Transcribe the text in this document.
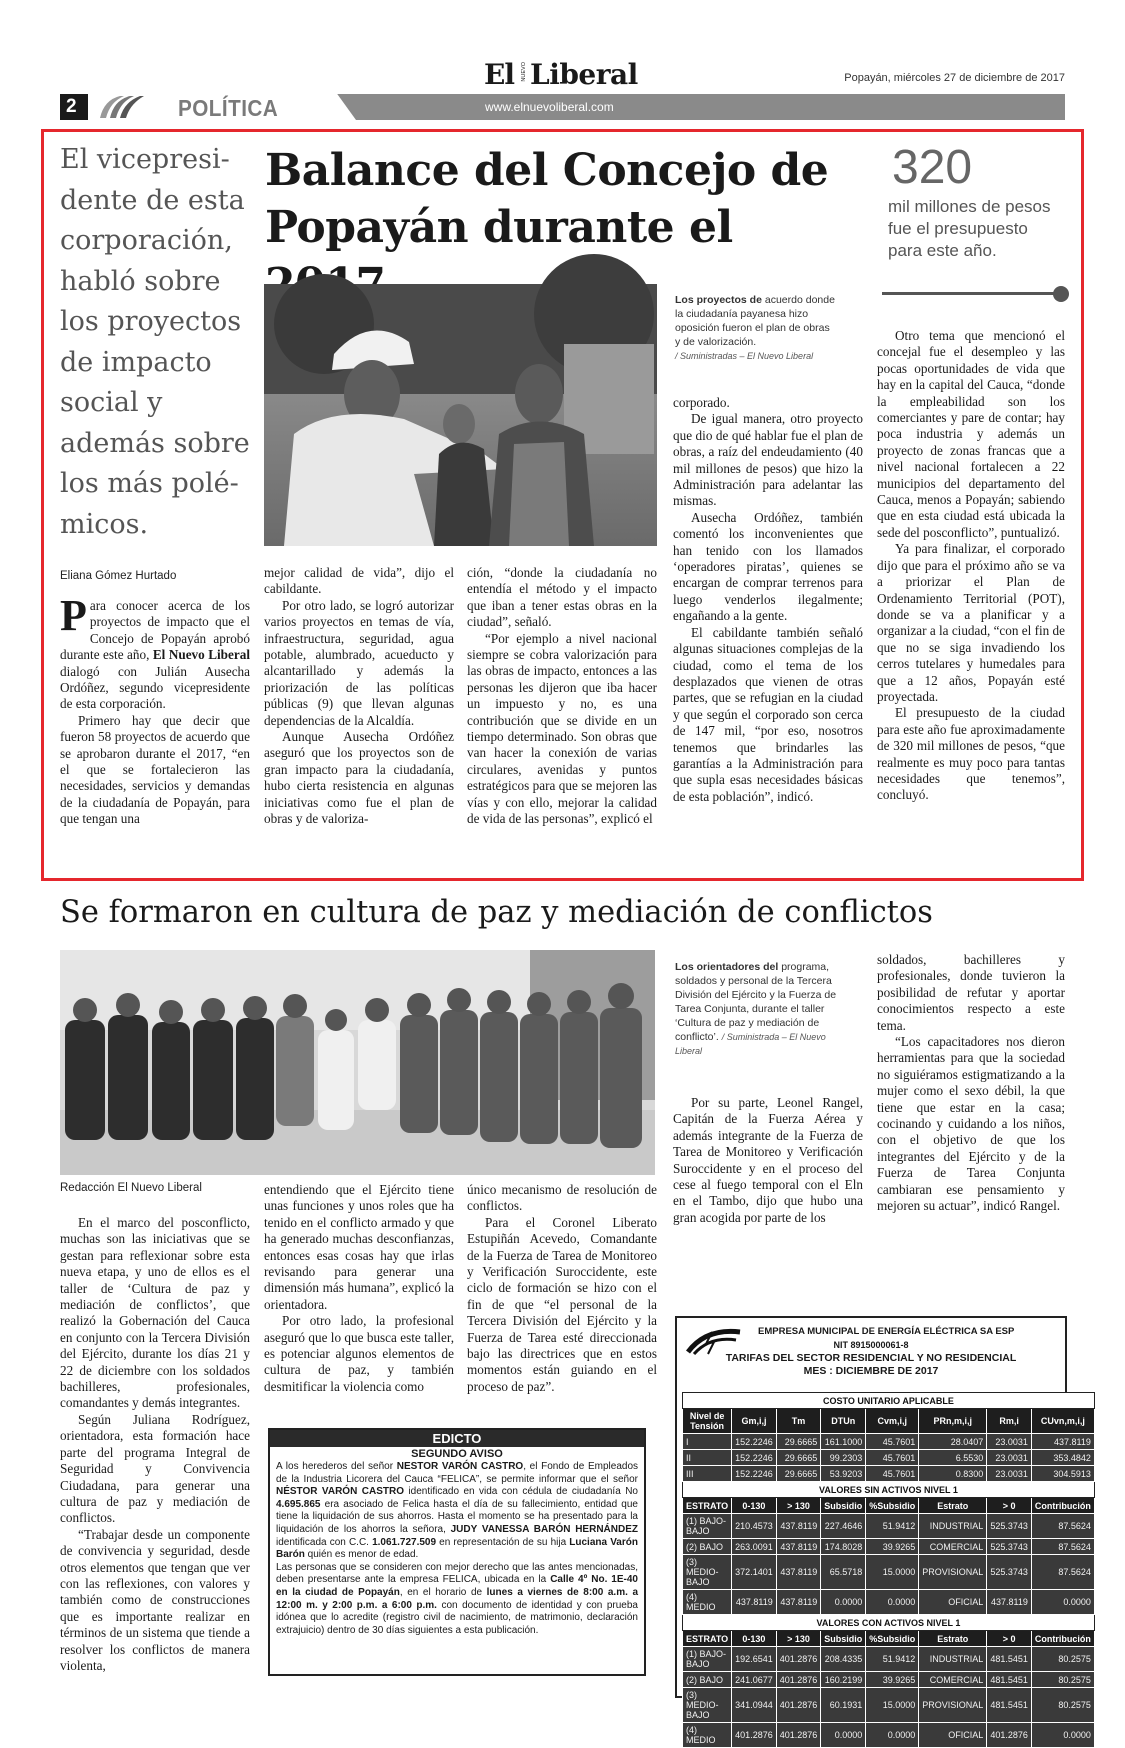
El NUEVO Liberal	Popayán, miércoles 27 de diciembre de 2017
2	POLÍTICA	www.elnuevoliberal.com
El vicepresi-dente de esta corporación, habló sobre los proyectos de impacto social y además sobre los más polé-micos.
Balance del Concejo de Popayán durante el
320
mil millones de pesos fue el presupuesto para este año.
Los proyectos de acuerdo donde la ciudadanía payanesa hizo oposición fueron el plan de obras y de valorización.
/ Suministradas – El Nuevo Liberal
Eliana Gómez Hurtado

Para conocer acerca de los proyectos de impacto que el Concejo de Popayán aprobó durante este año, El Nuevo Liberal dialogó con Julián Ausecha Ordóñez, segundo vicepresidente de esta corporación.

Primero hay que decir que fueron 58 proyectos de acuerdo que se aprobaron durante el 2017, “en el que se fortalecieron las necesidades, servicios y demandas de la ciudadanía de Popayán, para que tengan una

mejor calidad de vida”, dijo el cabildante.

Por otro lado, se logró autorizar varios proyectos en temas de vía, infraestructura, seguridad, agua potable, alumbrado, acueducto y alcantarillado y además la priorización de las políticas públicas (9) que llevan algunas dependencias de la Alcaldía.

Aunque Ausecha Ordóñez aseguró que los proyectos son de gran impacto para la ciudadanía, hubo cierta resistencia en algunas iniciativas como fue el plan de obras y de valoriza-

ción, “donde la ciudadanía no entendía el método y el impacto que iban a tener estas obras en la ciudad”, señaló.

“Por ejemplo a nivel nacional siempre se cobra valorización para las obras de impacto, entonces a las personas les dijeron que iba hacer un impuesto y no, es una contribución que se divide en un tiempo determinado. Son obras que van hacer la conexión de varias circulares, avenidas y puntos estratégicos para que se mejoren las vías y con ello, mejorar la calidad de vida de las personas”, explicó el

corporado.

De igual manera, otro proyecto que dio de qué hablar fue el plan de obras, a raíz del endeudamiento (40 mil millones de pesos) que hizo la Administración para adelantar las mismas.

Ausecha Ordóñez, también comentó los inconvenientes que han tenido con los llamados ‘operadores piratas’, quienes se encargan de comprar terrenos para luego venderlos ilegalmente; engañando a la gente.

El cabildante también señaló algunas situaciones complejas de la ciudad, como el tema de los desplazados que vienen de otras partes, que se refugian en la ciudad y que según el corporado son cerca de 147 mil, “por eso, nosotros tenemos que brindarles las garantías a la Administración para que supla esas necesidades básicas de esta población”, indicó.

Otro tema que mencionó el concejal fue el desempleo y las pocas oportunidades de vida que hay en la capital del Cauca, “donde la empleabilidad son los comerciantes y pare de contar; hay poca industria y además un proyecto de zonas francas que a nivel nacional fortalecen a 22 municipios del departamento del Cauca, menos a Popayán; sabiendo que en esta ciudad está ubicada la sede del posconflicto”, puntualizó.

Ya para finalizar, el corporado dijo que para el próximo año se va a priorizar el Plan de Ordenamiento Territorial (POT), donde se va a planificar y a organizar a la ciudad, “con el fin de que no se siga invadiendo los cerros tutelares y humedales para que a 12 años, Popayán esté proyectada.

El presupuesto de la ciudad para este año fue aproximadamente de 320 mil millones de pesos, “que realmente es muy poco para tantas necesidades que tenemos”, concluyó.

Se formaron en cultura de paz y mediación de conflictos
Los orientadores del programa, soldados y personal de la Tercera División del Ejército y la Fuerza de Tarea Conjunta, durante el taller ‘Cultura de paz y mediación de conflicto’. / Suministrada – El Nuevo Liberal
Redacción El Nuevo Liberal

En el marco del posconflicto, muchas son las iniciativas que se gestan para reflexionar sobre esta nueva etapa, y uno de ellos es el taller de ‘Cultura de paz y mediación de conflictos’, que realizó la Gobernación del Cauca en conjunto con la Tercera División del Ejército, durante los días 21 y 22 de diciembre con los soldados bachilleres, profesionales, comandantes y demás integrantes.

Según Juliana Rodríguez, orientadora, esta formación hace parte del programa Integral de Seguridad y Convivencia Ciudadana, para generar una cultura de paz y mediación de conflictos.

“Trabajar desde un componente de convivencia y seguridad, desde otros elementos que tengan que ver con las reflexiones, con valores y también como de construcciones que es importante realizar en términos de un sistema que tiende a resolver los conflictos de manera violenta,

entendiendo que el Ejército tiene unas funciones y unos roles que ha tenido en el conflicto armado y que ha generado muchas desconfianzas, entonces esas cosas hay que irlas revisando para generar una dimensión más humana”, explicó la orientadora.

Por otro lado, la profesional aseguró que lo que busca este taller, es potenciar algunos elementos de cultura de paz, y también desmitificar la violencia como

único mecanismo de resolución de conflictos.

Para el Coronel Liberato Estupiñán Acevedo, Comandante de la Fuerza de Tarea de Monitoreo y Verificación Suroccidente, este ciclo de formación se hizo con el fin de que “el personal de la Tercera División del Ejército y la Fuerza de Tarea esté direccionada bajo las directrices que en estos momentos están guiando en el proceso de paz”.

Por su parte, Leonel Rangel, Capitán de la Fuerza Aérea y además integrante de la Fuerza de Tarea de Monitoreo y Verificación Suroccidente y en el proceso del cese al fuego temporal con el Eln en el Tambo, dijo que hubo una gran acogida por parte de los

soldados, bachilleres y profesionales, donde tuvieron la posibilidad de refutar y aportar conocimientos respecto a este tema.

“Los capacitadores nos dieron herramientas para que la sociedad no siguiéramos estigmatizando a la mujer como el sexo débil, la que tiene que estar en la casa; cocinando y cuidando a los niños, con el objetivo de que los integrantes del Ejército y de la Fuerza de Tarea Conjunta cambiaran ese pensamiento y mejoren su actuar”, indicó Rangel.

EDICTO
SEGUNDO AVISO
A los herederos del señor NESTOR VARÓN CASTRO, el Fondo de Empleados de la Industria Licorera del Cauca “FELICA”, se permite informar que el señor NÉSTOR VARÓN CASTRO identificado en vida con cédula de ciudadanía No 4.695.865 era asociado de Felica hasta el día de su fallecimiento, entidad que tiene la liquidación de sus ahorros. Hasta el momento se ha presentado para la liquidación de los ahorros la señora, JUDY VANESSA BARÓN HERNÁNDEZ identificada con C.C. 1.061.727.509 en representación de su hija Luciana Varón Barón quién es menor de edad.
Las personas que se consideren con mejor derecho que las antes mencionadas, deben presentarse ante la empresa FELICA, ubicada en la Calle 4º No. 1E-40 en la ciudad de Popayán, en el horario de lunes a viernes de 8:00 a.m. a 12:00 m. y 2:00 p.m. a 6:00 p.m. con documento de identidad y con prueba idónea que lo acredite (registro civil de nacimiento, de matrimonio, declaración extrajuicio) dentro de 30 días siguientes a esta publicación.
EMPRESA MUNICIPAL DE ENERGÍA ELÉCTRICA SA ESP
NIT 8915000061-8
TARIFAS DEL SECTOR RESIDENCIAL Y NO RESIDENCIAL
MES : DICIEMBRE DE 2017
COSTO UNITARIO APLICABLE							
Nivel de Tensión	Gm,i,j	Tm	DTUn	Cvm,i,j	PRn,m,i,j	Rm,i	CUvn,m,i,j
I	152.2246	29.6665	161.1000	45.7601	28.0407	23.0031	437.8119
II	152.2246	29.6665	99.2303	45.7601	6.5530	23.0031	353.4842
III	152.2246	29.6665	53.9203	45.7601	0.8300	23.0031	304.5913
VALORES SIN ACTIVOS NIVEL 1							
ESTRATO	0-130	> 130	Subsidio	%Subsidio	Estrato	> 0	Contribución
(1) BAJO-BAJO	210.4573	437.8119	227.4646	51.9412	INDUSTRIAL	525.3743	87.5624
(2) BAJO	263.0091	437.8119	174.8028	39.9265	COMERCIAL	525.3743	87.5624
(3) MEDIO-BAJO	372.1401	437.8119	65.5718	15.0000	PROVISIONAL	525.3743	87.5624
(4) MEDIO	437.8119	437.8119	0.0000	0.0000	OFICIAL	437.8119	0.0000
VALORES CON ACTIVOS NIVEL 1							
ESTRATO	0-130	> 130	Subsidio	%Subsidio	Estrato	> 0	Contribución
(1) BAJO-BAJO	192.6541	401.2876	208.4335	51.9412	INDUSTRIAL	481.5451	80.2575
(2) BAJO	241.0677	401.2876	160.2199	39.9265	COMERCIAL	481.5451	80.2575
(3) MEDIO-BAJO	341.0944	401.2876	60.1931	15.0000	PROVISIONAL	481.5451	80.2575
(4) MEDIO	401.2876	401.2876	0.0000	0.0000	OFICIAL	401.2876	0.0000
